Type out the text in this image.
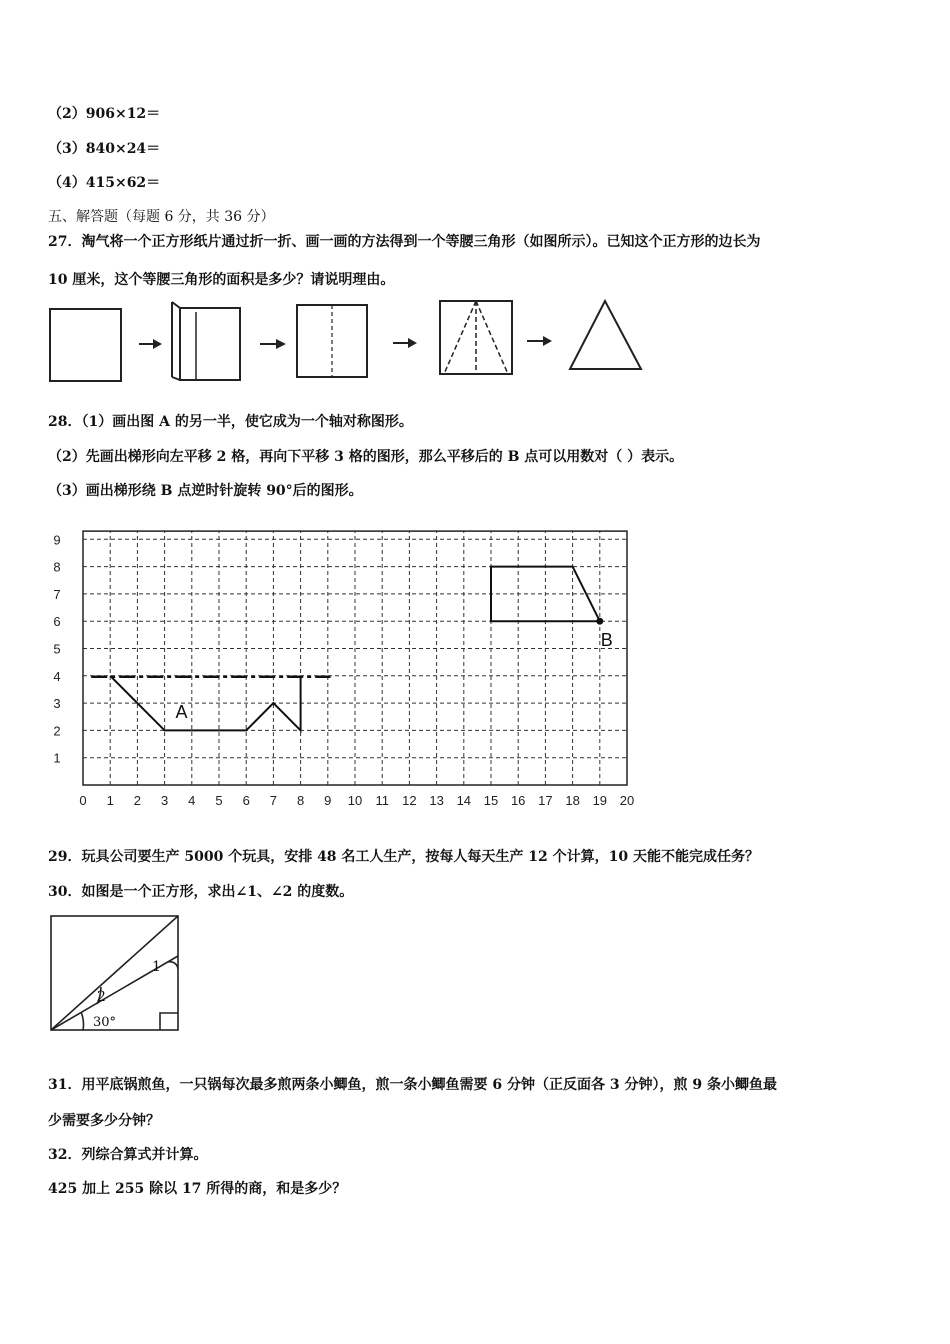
（2）906×12＝
（3）840×24＝
（4）415×62＝
五、解答题（每题 6 分，共 36 分）
27．淘气将一个正方形纸片通过折一折、画一画的方法得到一个等腰三角形（如图所示）。已知这个正方形的边长为
10 厘米，这个等腰三角形的面积是多少？请说明理由。
28．（1）画出图 A 的另一半，使它成为一个轴对称图形。
（2）先画出梯形向左平移 2 格，再向下平移 3 格的图形，那么平移后的 B 点可以用数对（ ）表示。
（3）画出梯形绕 B 点逆时针旋转 90°后的图形。
0 1 2 3 4 5 6 7 8 9 10 11 12 13 14 15 16 17 18 19 20
1
2
3
4
5
6
7
8
9
A
B
29．玩具公司要生产 5000 个玩具，安排 48 名工人生产，按每人每天生产 12 个计算，10 天能不能完成任务？
30．如图是一个正方形，求出∠1、∠2 的度数。
1
2
30°
31．用平底锅煎鱼，一只锅每次最多煎两条小鲫鱼，煎一条小鲫鱼需要 6 分钟（正反面各 3 分钟），煎 9 条小鲫鱼最
少需要多少分钟？
32．列综合算式并计算。
425 加上 255 除以 17 所得的商，和是多少？
